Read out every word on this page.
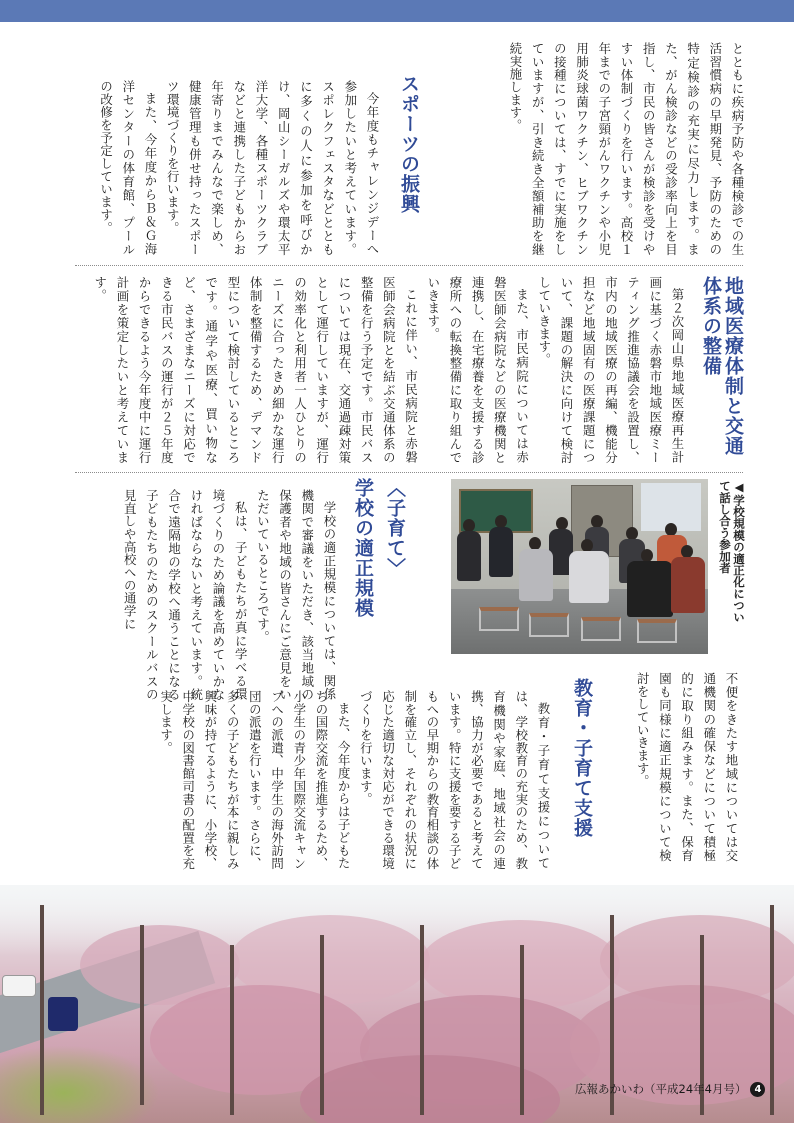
とともに疾病予防や各種検診での生活習慣病の早期発見、予防のための特定検診の充実に尽力します。また、がん検診などの受診率向上を目指し、市民の皆さんが検診を受けやすい体制づくりを行います。高校１年までの子宮頸がんワクチンや小児用肺炎球菌ワクチン、ヒブワクチンの接種については、すでに実施をしていますが、引き続き全額補助を継続実施します。

スポーツの振興

今年度もチャレンジデーへ参加したいと考えています。スポレクフェスタなどとともに多くの人に参加を呼びかけ、岡山シーガルズや環太平洋大学、各種スポーツクラブなどと連携した子どもからお年寄りまでみんなで楽しめ、健康管理も併せ持ったスポーツ環境づくりを行います。

また、今年度からＢ＆Ｇ海洋センターの体育館、プールの改修を予定しています。

地域医療体制と交通体系の整備

第２次岡山県地域医療再生計画に基づく赤磐市地域医療ミーティング推進協議会を設置し、市内の地域医療の再編、機能分担など地域固有の医療課題について、課題の解決に向けて検討していきます。

また、市民病院については赤磐医師会病院などの医療機関と連携し、在宅療養を支援する診療所への転換整備に取り組んでいきます。

これに伴い、市民病院と赤磐医師会病院とを結ぶ交通体系の整備を行う予定です。市民バスについては現在、交通過疎対策として運行していますが、運行の効率化と利用者一人ひとりのニーズに合ったきめ細かな運行体制を整備するため、デマンド型について検討しているところです。通学や医療、買い物など、さまざまなニーズに対応できる市民バスの運行が２５年度からできるよう今年度中に運行計画を策定したいと考えています。

◀学校規模の適正化について話し合う参加者
〈子育て〉
学校の適正規模

学校の適正規模については、関係機関で審議をいただき、該当地域の保護者や地域の皆さんにご意見をいただいているところです。

私は、子どもたちが真に学べる環境づくりのため論議を高めていかなければならないと考えています。統合で遠隔地の学校へ通うことになる子どもたちのためのスクールバスの見直しや高校への通学に

不便をきたす地域については交通機関の確保などについて積極的に取り組みます。また、保育園も同様に適正規模について検討をしていきます。

教育・子育て支援

教育・子育て支援については、学校教育の充実のため、教育機関や家庭、地域社会の連携、協力が必要であると考えています。特に支援を要する子どもへの早期からの教育相談の体制を確立し、それぞれの状況に応じた適切な対応ができる環境づくりを行います。

また、今年度からは子どもたちの国際交流を推進するため、小学生の青少年国際交流キャンプへの派遣、中学生の海外訪問団の派遣を行います。さらに、多くの子どもたちが本に親しみ興味が持てるように、小学校、中学校の図書館司書の配置を充実します。

広報あかいわ（平成24年4月号） 4
